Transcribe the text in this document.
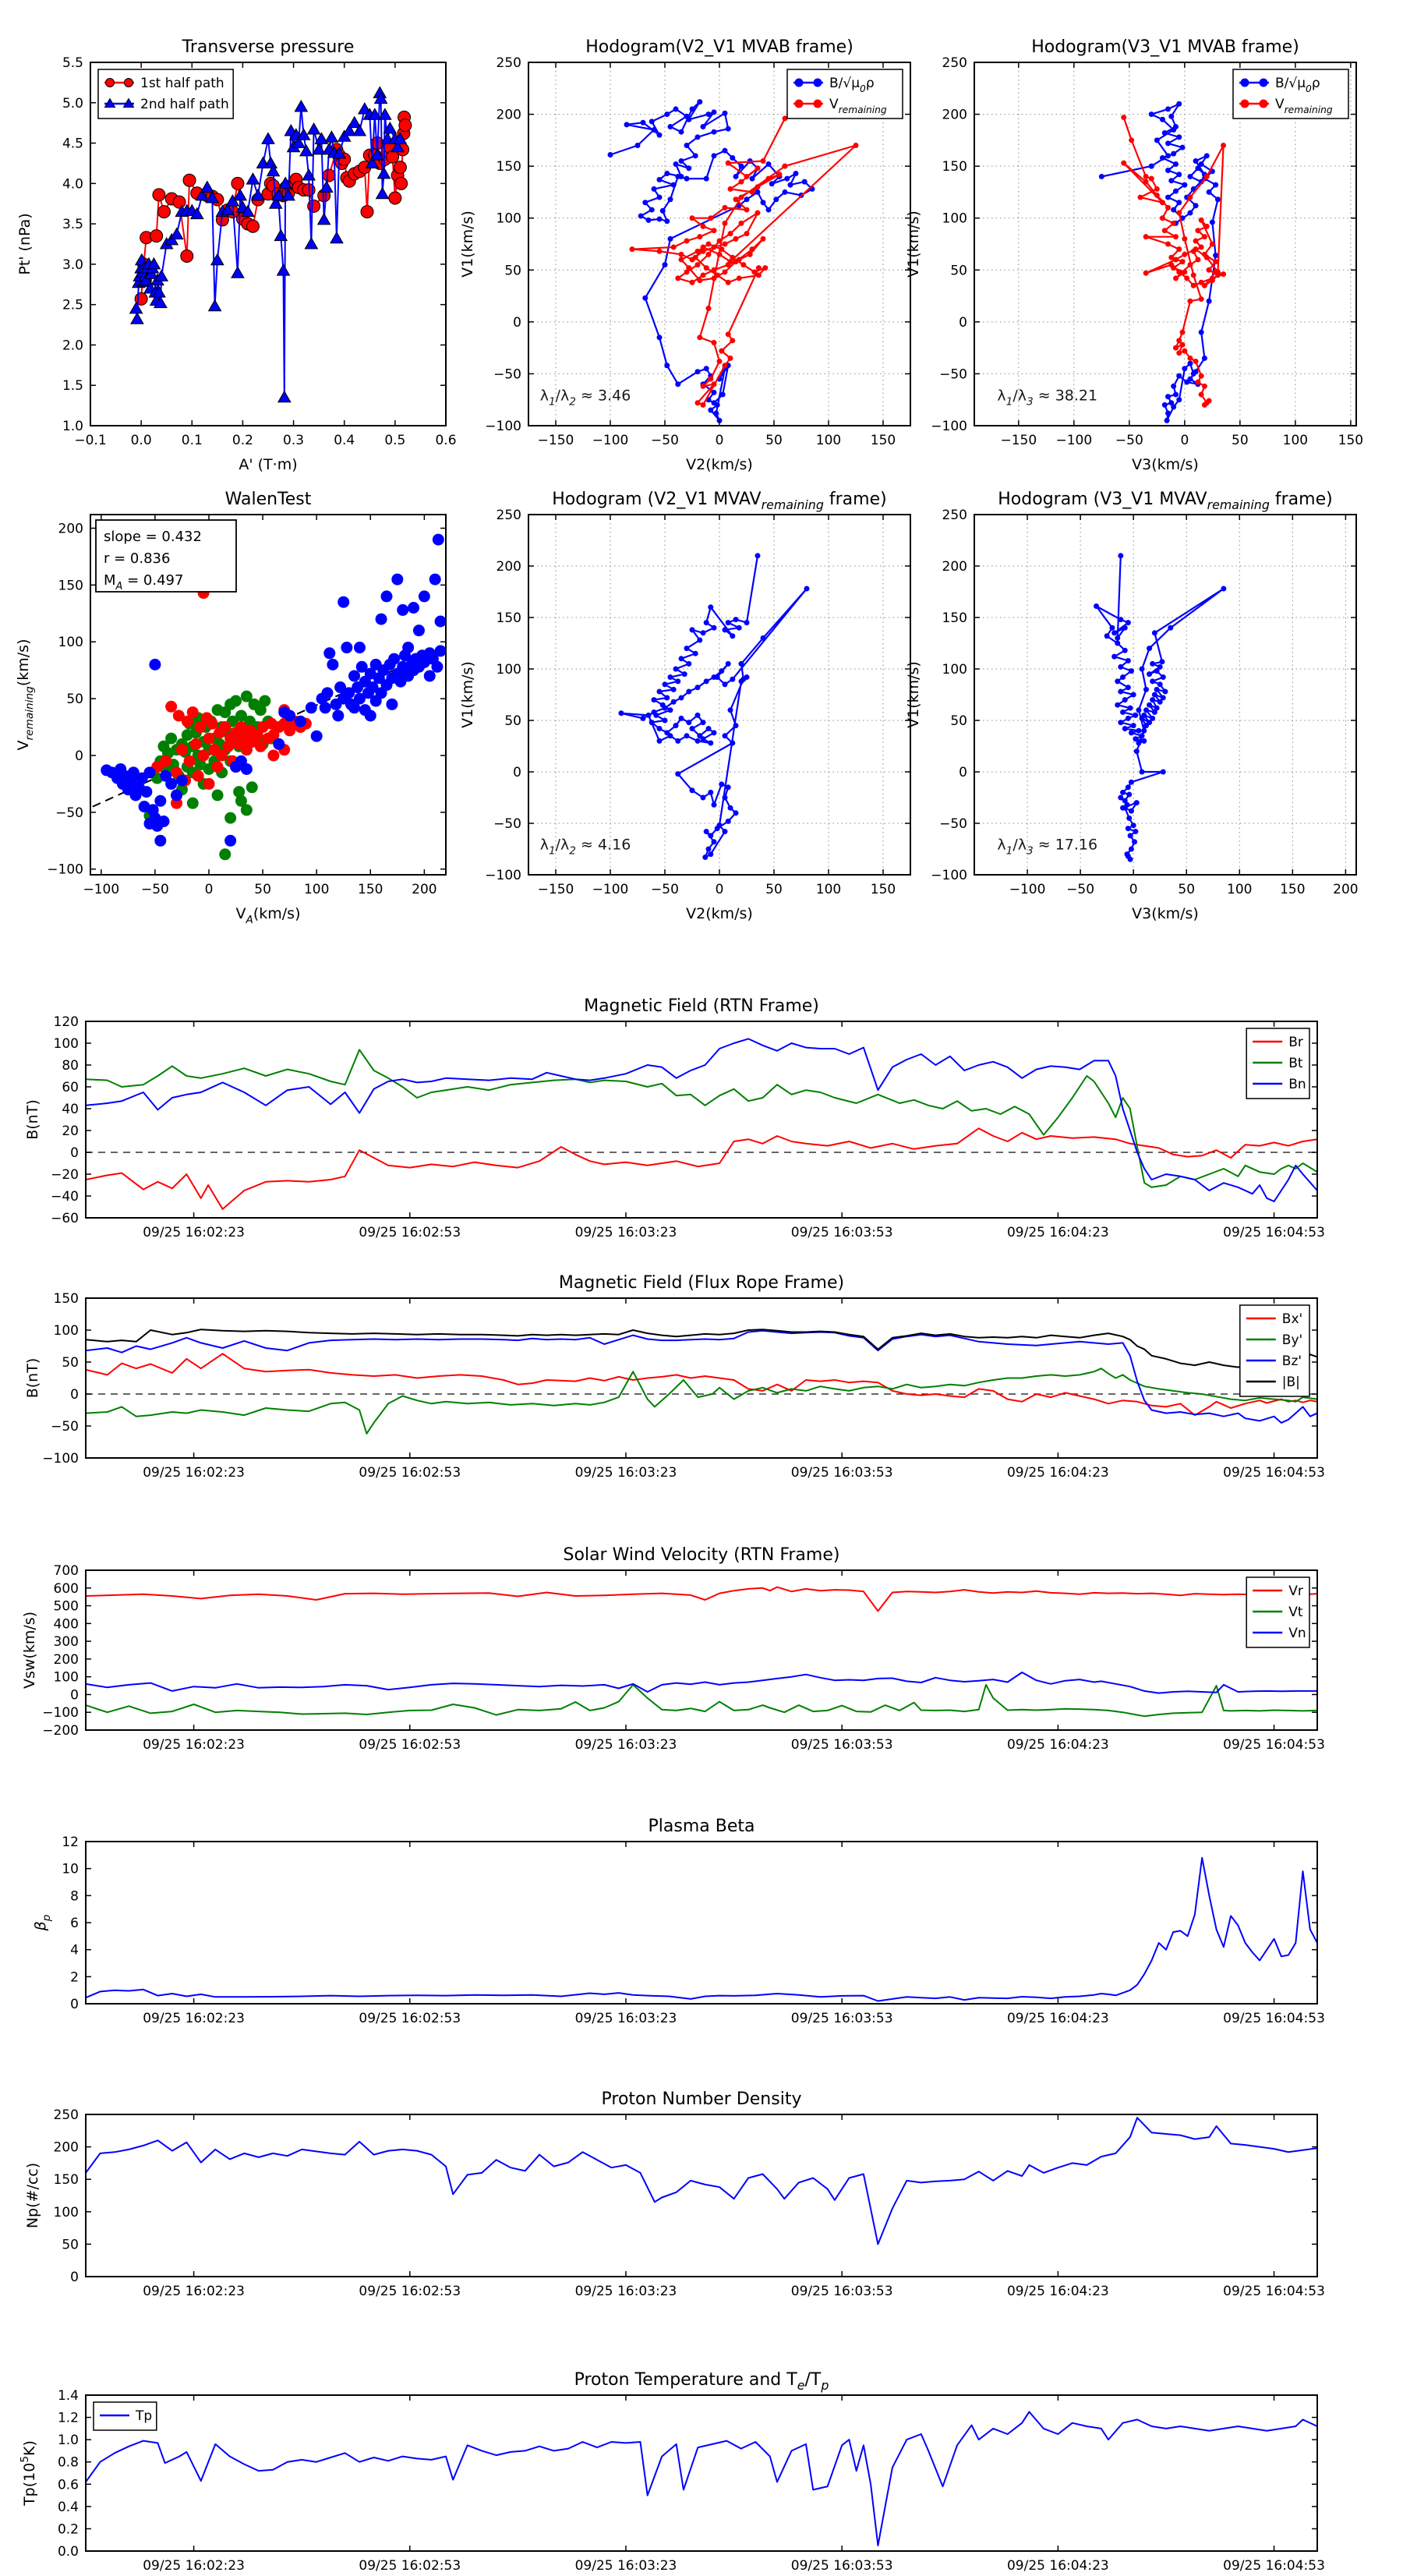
−0.1 0.0 0.1 0.2 0.3 0.4 0.5 0.6
1.0
1.5
2.0
2.5
3.0
3.5
4.0
4.5
5.0
5.5
Transverse pressure
A' (T·m)
Pt' (nPa)
1st half path
2nd half path
−150 −100 −50	0	50	100 150
−100
−50
0
50
100
150
200
250
Hodogram(V2_V1 MVAB frame)
V2(km/s)
V1(km/s)
$B/√\mu_0\rho$
$V_{remaining}$
$\lambda_1/\lambda_2 \approx 3.46$
−150 −100 −50	0	50	100 150
−100
−50
0
50
100
150
200
250
Hodogram(V3_V1 MVAB frame)
V3(km/s)
V1(km/s)
$B/√\mu_0\rho$
$V_{remaining}$
$\lambda_1/\lambda_3 \approx 38.21$
−100 −50	0	50 100 150 200
−100
−50
0
50
100
150
200
WalenTest
$V_A(km/s)$
$V_{remaining}(km/s)$
slope = 0.432
r = 0.836
$M_A = 0.497$
−150 −100 −50	0	50	100 150
−100
−50
0
50
100
150
200
250
Hodogram (V2_V1 $MVAV_{remaining}$ frame)
V2(km/s)
V1(km/s)
$\lambda_1/\lambda_2 \approx 4.16$
−100 −50	0	50 100 150 200
−100
−50
0
50
100
150
200
250
Hodogram (V3_V1 $MVAV_{remaining}$ frame)
V3(km/s)
V1(km/s)
$\lambda_1/\lambda_3 \approx 17.16$
09/25 16:02:23	09/25 16:02:53	09/25 16:03:23	09/25 16:03:53	09/25 16:04:23	09/25 16:04:53
−60
−40
−20
0
20
40
60
80
100
120
Magnetic Field (RTN Frame)
B(nT)
Br
Bt
Bn
09/25 16:02:23	09/25 16:02:53	09/25 16:03:23	09/25 16:03:53	09/25 16:04:23	09/25 16:04:53
−100
−50
0
50
100
150
Magnetic Field (Flux Rope Frame)
B(nT)
Bx'
By'
Bz'
|B|
09/25 16:02:23	09/25 16:02:53	09/25 16:03:23	09/25 16:03:53	09/25 16:04:23	09/25 16:04:53
−200
−100
0
100
200
300
400
500
600
700
Solar Wind Velocity (RTN Frame)
Vsw(km/s)
Vr
Vt
Vn
09/25 16:02:23	09/25 16:02:53	09/25 16:03:23	09/25 16:03:53	09/25 16:04:23	09/25 16:04:53
0
2
4
6
8
10
12
Plasma Beta
$\beta_p$
09/25 16:02:23	09/25 16:02:53	09/25 16:03:23	09/25 16:03:53	09/25 16:04:23	09/25 16:04:53
0
50
100
150
200
250
Proton Number Density
Np(#/cc)
09/25 16:02:23	09/25 16:02:53	09/25 16:03:23	09/25 16:03:53	09/25 16:04:23	09/25 16:04:53
0.0
0.2
0.4
0.6
0.8
1.0
1.2
1.4
Proton Temperature and $T_e/T_p$
$Tp(10^5K)$
Tp
